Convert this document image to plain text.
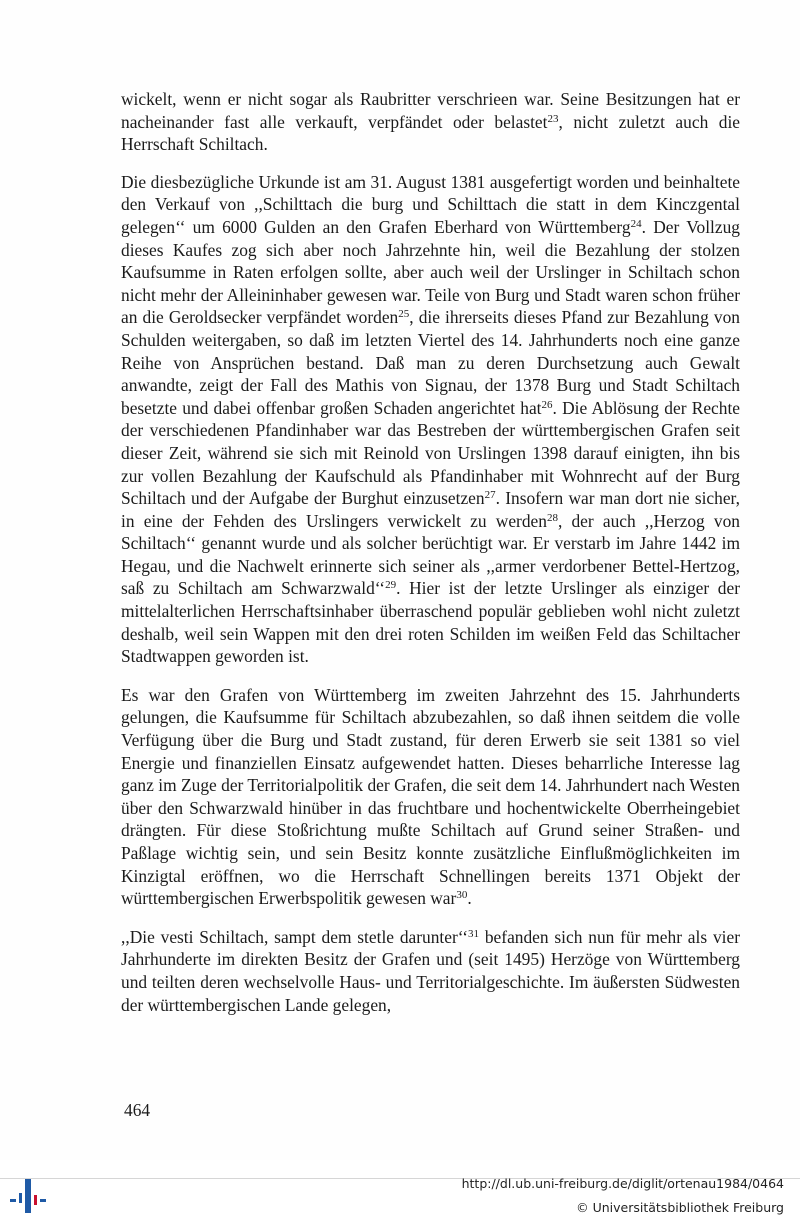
wickelt, wenn er nicht sogar als Raubritter verschrieen war. Seine Besitzungen hat er nacheinander fast alle verkauft, verpfändet oder belastet$^{23}$, nicht zuletzt auch die Herrschaft Schiltach.

Die diesbezügliche Urkunde ist am 31. August 1381 ausgefertigt worden und beinhaltete den Verkauf von ,,Schilttach die burg und Schilttach die statt in dem Kinczgental gelegen‘‘ um 6000 Gulden an den Grafen Eberhard von Württemberg$^{24}$. Der Vollzug dieses Kaufes zog sich aber noch Jahrzehnte hin, weil die Bezahlung der stolzen Kaufsumme in Raten erfolgen sollte, aber auch weil der Urslinger in Schiltach schon nicht mehr der Alleininhaber gewesen war. Teile von Burg und Stadt waren schon früher an die Geroldsecker verpfändet worden$^{25}$, die ihrerseits dieses Pfand zur Bezahlung von Schulden weitergaben, so daß im letzten Viertel des 14. Jahrhunderts noch eine ganze Reihe von Ansprüchen bestand. Daß man zu deren Durchsetzung auch Gewalt anwandte, zeigt der Fall des Mathis von Signau, der 1378 Burg und Stadt Schiltach besetzte und dabei offenbar großen Schaden angerichtet hat$^{26}$. Die Ablösung der Rechte der verschiedenen Pfandinhaber war das Bestreben der württembergischen Grafen seit dieser Zeit, während sie sich mit Reinold von Urslingen 1398 darauf einigten, ihn bis zur vollen Bezahlung der Kaufschuld als Pfandinhaber mit Wohnrecht auf der Burg Schiltach und der Aufgabe der Burghut einzusetzen$^{27}$. Insofern war man dort nie sicher, in eine der Fehden des Urslingers verwickelt zu werden$^{28}$, der auch ,,Herzog von Schiltach‘‘ genannt wurde und als solcher berüchtigt war. Er verstarb im Jahre 1442 im Hegau, und die Nachwelt erinnerte sich seiner als ,,armer verdorbener Bettel-Hertzog, saß zu Schiltach am Schwarzwald‘‘$^{29}$. Hier ist der letzte Urslinger als einziger der mittelalterlichen Herrschaftsinhaber überraschend populär geblieben wohl nicht zuletzt deshalb, weil sein Wappen mit den drei roten Schilden im weißen Feld das Schiltacher Stadtwappen geworden ist.

Es war den Grafen von Württemberg im zweiten Jahrzehnt des 15. Jahrhunderts gelungen, die Kaufsumme für Schiltach abzubezahlen, so daß ihnen seitdem die volle Verfügung über die Burg und Stadt zustand, für deren Erwerb sie seit 1381 so viel Energie und finanziellen Einsatz aufgewendet hatten. Dieses beharrliche Interesse lag ganz im Zuge der Territorialpolitik der Grafen, die seit dem 14. Jahrhundert nach Westen über den Schwarzwald hinüber in das fruchtbare und hochentwickelte Oberrheingebiet drängten. Für diese Stoßrichtung mußte Schiltach auf Grund seiner Straßen- und Paßlage wichtig sein, und sein Besitz konnte zusätzliche Einflußmöglichkeiten im Kinzigtal eröffnen, wo die Herrschaft Schnellingen bereits 1371 Objekt der württembergischen Erwerbspolitik gewesen war$^{30}$.

,,Die vesti Schiltach, sampt dem stetle darunter‘‘$^{31}$ befanden sich nun für mehr als vier Jahrhunderte im direkten Besitz der Grafen und (seit 1495) Herzöge von Württemberg und teilten deren wechselvolle Haus- und Territorialgeschichte. Im äußersten Südwesten der württembergischen Lande gelegen,

464
http://dl.ub.uni-freiburg.de/diglit/ortenau1984/0464
© Universitätsbibliothek Freiburg
